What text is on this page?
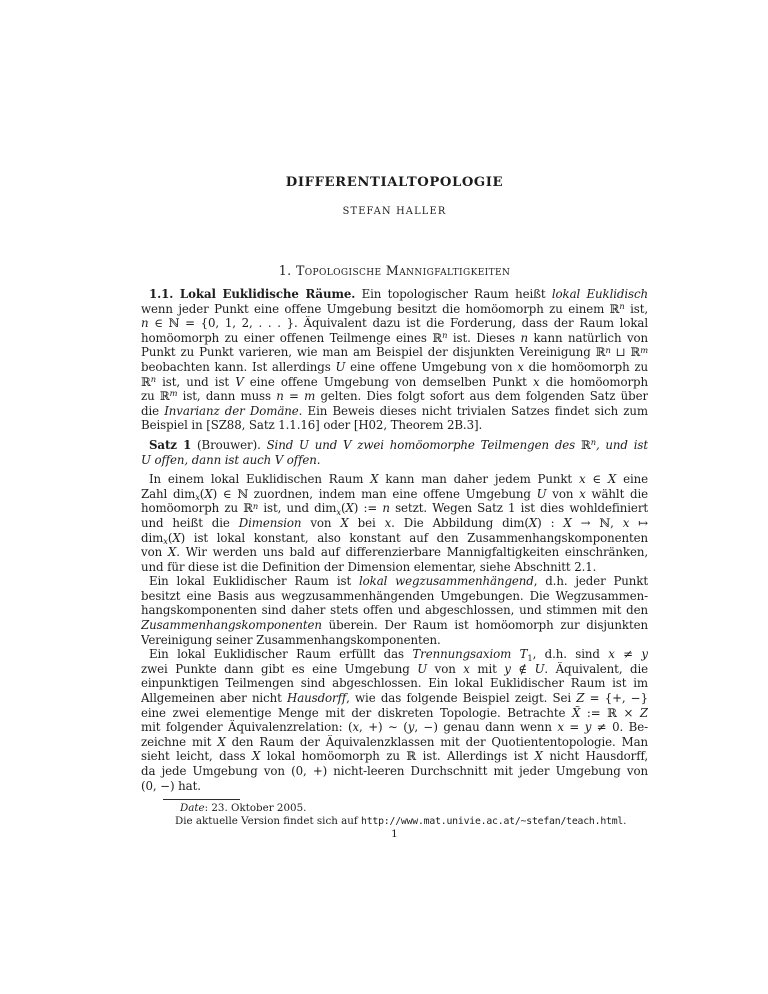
DIFFERENTIALTOPOLOGIE
STEFAN HALLER
1. Topologische Mannigfaltigkeiten
1.1. Lokal Euklidische Räume. Ein topologischer Raum heißt lokal Euklidisch
wenn jeder Punkt eine offene Umgebung besitzt die homöomorph zu einem ℝ$^n$ ist,
n ∈ ℕ = {0, 1, 2, . . . }. Äquivalent dazu ist die Forderung, dass der Raum lokal
homöomorph zu einer offenen Teilmenge eines ℝ$^n$ ist. Dieses n kann natürlich von
Punkt zu Punkt varieren, wie man am Beispiel der disjunkten Vereinigung ℝ$^n$ ⊔ ℝ$^m$
beobachten kann. Ist allerdings U eine offene Umgebung von x die homöomorph zu
ℝ$^n$ ist, und ist V eine offene Umgebung von demselben Punkt x die homöomorph
zu ℝ$^m$ ist, dann muss n = m gelten. Dies folgt sofort aus dem folgenden Satz über
die Invarianz der Domäne. Ein Beweis dieses nicht trivialen Satzes findet sich zum
Beispiel in [SZ88, Satz 1.1.16] oder [H02, Theorem 2B.3].
Satz 1 (Brouwer). Sind U und V zwei homöomorphe Teilmengen des ℝ$^n$, und ist
U offen, dann ist auch V offen.
In einem lokal Euklidischen Raum X kann man daher jedem Punkt x ∈ X eine
Zahl dim$_x$(X) ∈ ℕ zuordnen, indem man eine offene Umgebung U von x wählt die
homöomorph zu ℝ$^n$ ist, und dim$_x$(X) := n setzt. Wegen Satz 1 ist dies wohldefiniert
und heißt die Dimension von X bei x. Die Abbildung dim(X) : X → ℕ, x ↦
dim$_x$(X) ist lokal konstant, also konstant auf den Zusammenhangskomponenten
von X. Wir werden uns bald auf differenzierbare Mannigfaltigkeiten einschränken,
und für diese ist die Definition der Dimension elementar, siehe Abschnitt 2.1.
Ein lokal Euklidischer Raum ist lokal wegzusammenhängend, d.h. jeder Punkt
besitzt eine Basis aus wegzusammenhängenden Umgebungen. Die Wegzusammen-
hangskomponenten sind daher stets offen und abgeschlossen, und stimmen mit den
Zusammenhangskomponenten überein. Der Raum ist homöomorph zur disjunkten
Vereinigung seiner Zusammenhangskomponenten.
Ein lokal Euklidischer Raum erfüllt das Trennungsaxiom $T_1$, d.h. sind x ≠ y
zwei Punkte dann gibt es eine Umgebung U von x mit y ∉ U. Äquivalent, die
einpunktigen Teilmengen sind abgeschlossen. Ein lokal Euklidischer Raum ist im
Allgemeinen aber nicht Hausdorff, wie das folgende Beispiel zeigt. Sei Z = {+, −}
eine zwei elementige Menge mit der diskreten Topologie. Betrachte X̃ := ℝ × Z
mit folgender Äquivalenzrelation: (x, +) ∼ (y, −) genau dann wenn x = y ≠ 0. Be-
zeichne mit X den Raum der Äquivalenzklassen mit der Quotiententopologie. Man
sieht leicht, dass X lokal homöomorph zu ℝ ist. Allerdings ist X nicht Hausdorff,
da jede Umgebung von (0, +) nicht-leeren Durchschnitt mit jeder Umgebung von
(0, −) hat.
Date: 23. Oktober 2005.
Die aktuelle Version findet sich auf http://www.mat.univie.ac.at/~stefan/teach.html.
1
